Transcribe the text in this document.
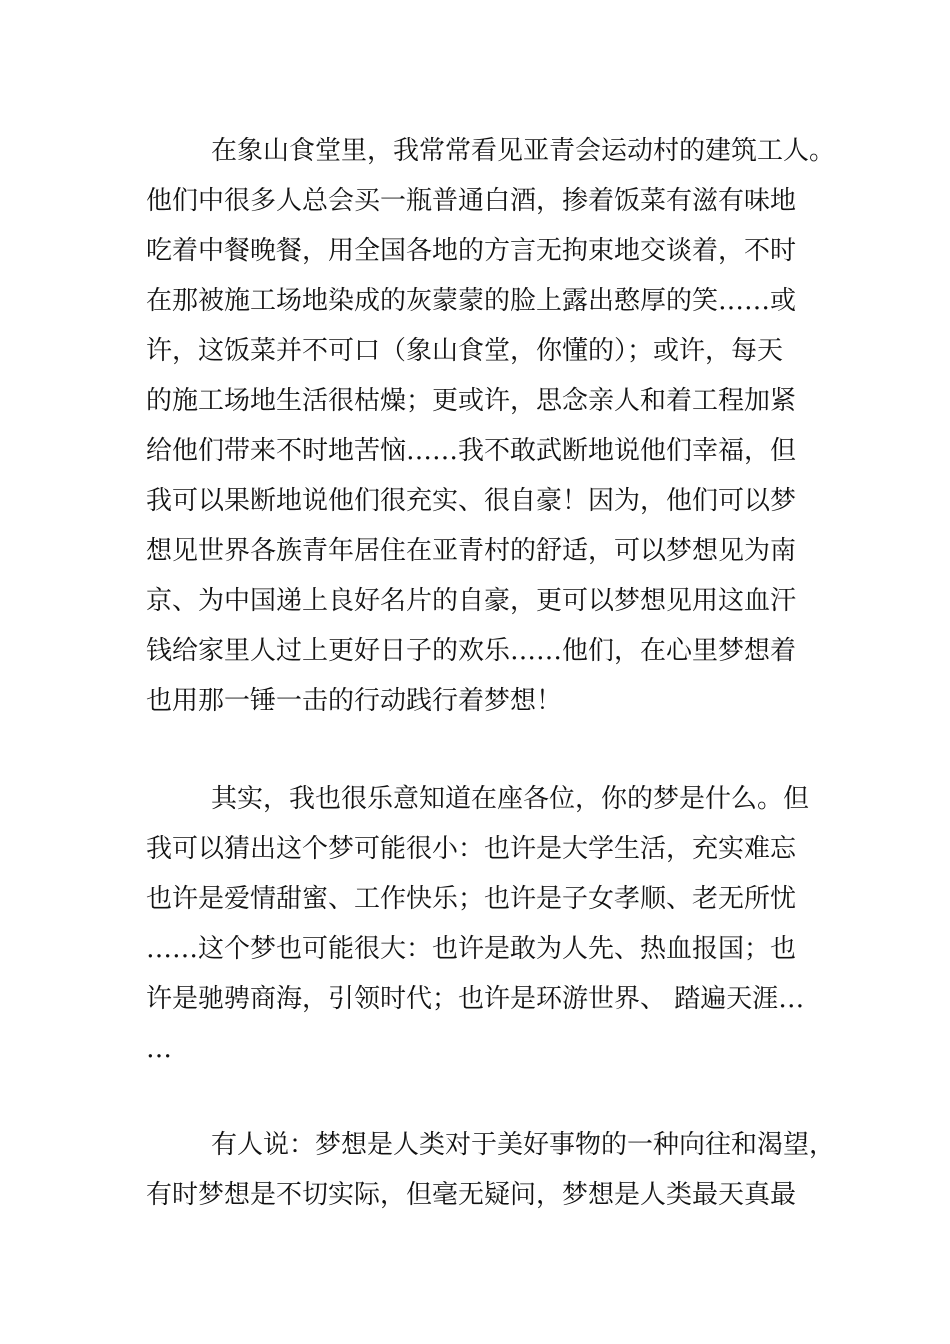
在象山食堂里，我常常看见亚青会运动村的建筑工人。
他们中很多人总会买一瓶普通白酒，掺着饭菜有滋有味地
吃着中餐晚餐，用全国各地的方言无拘束地交谈着，不时
在那被施工场地染成的灰蒙蒙的脸上露出憨厚的笑……或
许，这饭菜并不可口（象山食堂，你懂的）；或许，每天
的施工场地生活很枯燥；更或许，思念亲人和着工程加紧
给他们带来不时地苦恼……我不敢武断地说他们幸福，但
我可以果断地说他们很充实、很自豪！因为，他们可以梦
想见世界各族青年居住在亚青村的舒适，可以梦想见为南
京、为中国递上良好名片的自豪，更可以梦想见用这血汗
钱给家里人过上更好日子的欢乐……他们，在心里梦想着
也用那一锤一击的行动践行着梦想！
其实，我也很乐意知道在座各位，你的梦是什么。但
我可以猜出这个梦可能很小：也许是大学生活，充实难忘
也许是爱情甜蜜、工作快乐；也许是子女孝顺、老无所忧
……这个梦也可能很大：也许是敢为人先、热血报国；也
许是驰骋商海，引领时代；也许是环游世界、 踏遍天涯…
…
有人说：梦想是人类对于美好事物的一种向往和渴望，
有时梦想是不切实际，但毫无疑问，梦想是人类最天真最
